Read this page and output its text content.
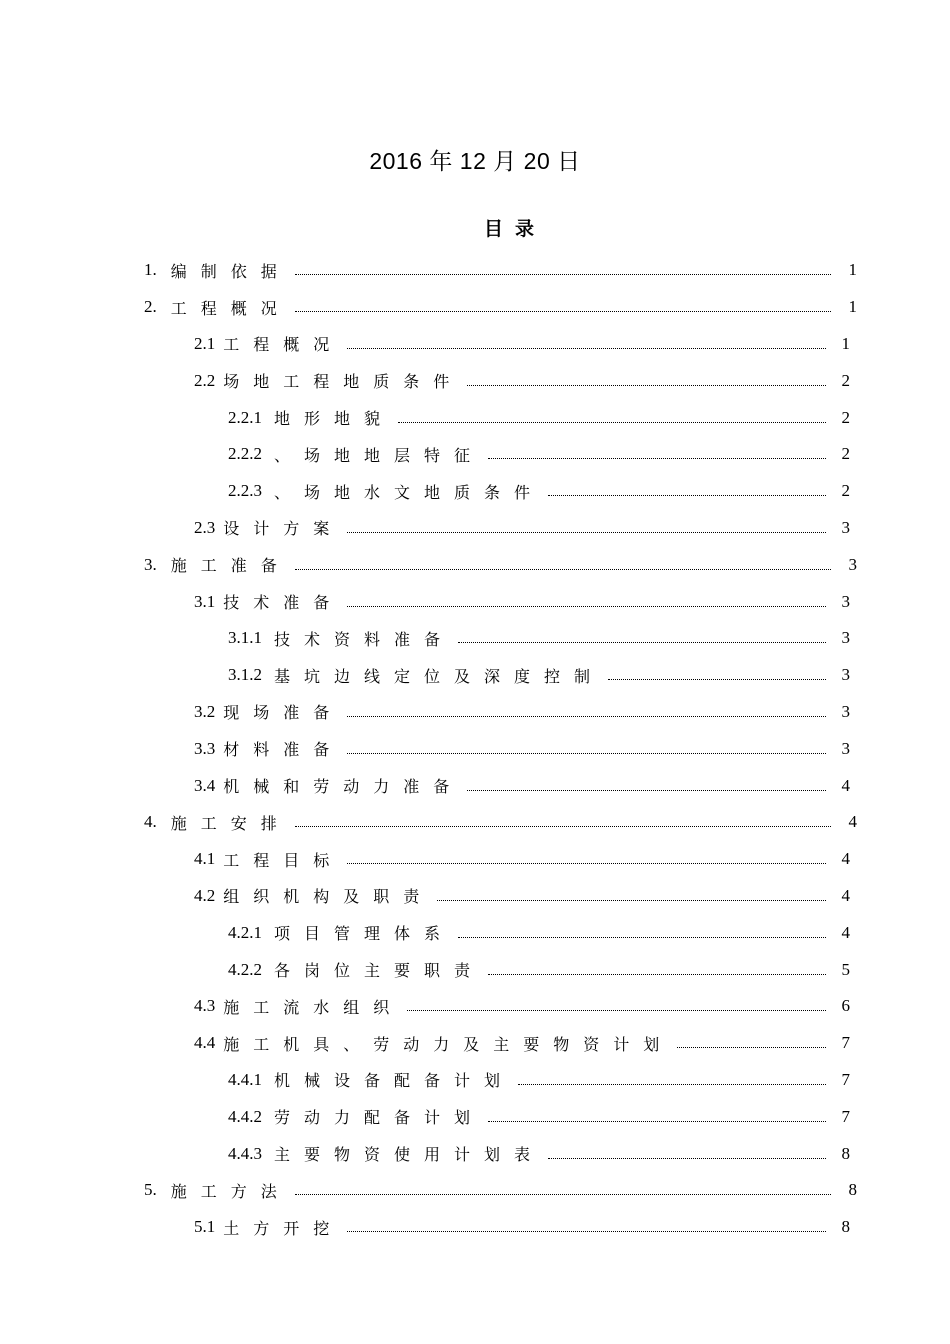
2016 年 12 月 20 日
目录
1. 编制依据	1
2. 工程概况	1
2.1 工程概况	1
2.2 场地工程地质条件	2
2.2.1 地形地貌	2
2.2.2 、场地地层特征	2
2.2.3 、场地水文地质条件	2
2.3 设计方案	3
3. 施工准备	3
3.1 技术准备	3
3.1.1 技术资料准备	3
3.1.2 基坑边线定位及深度控制	3
3.2 现场准备	3
3.3 材料准备	3
3.4 机械和劳动力准备	4
4. 施工安排	4
4.1 工程目标	4
4.2 组织机构及职责	4
4.2.1 项目管理体系	4
4.2.2 各岗位主要职责	5
4.3 施工流水组织	6
4.4 施工机具、劳动力及主要物资计划	7
4.4.1 机械设备配备计划	7
4.4.2 劳动力配备计划	7
4.4.3 主要物资使用计划表	8
5. 施工方法	8
5.1 土方开挖	8
